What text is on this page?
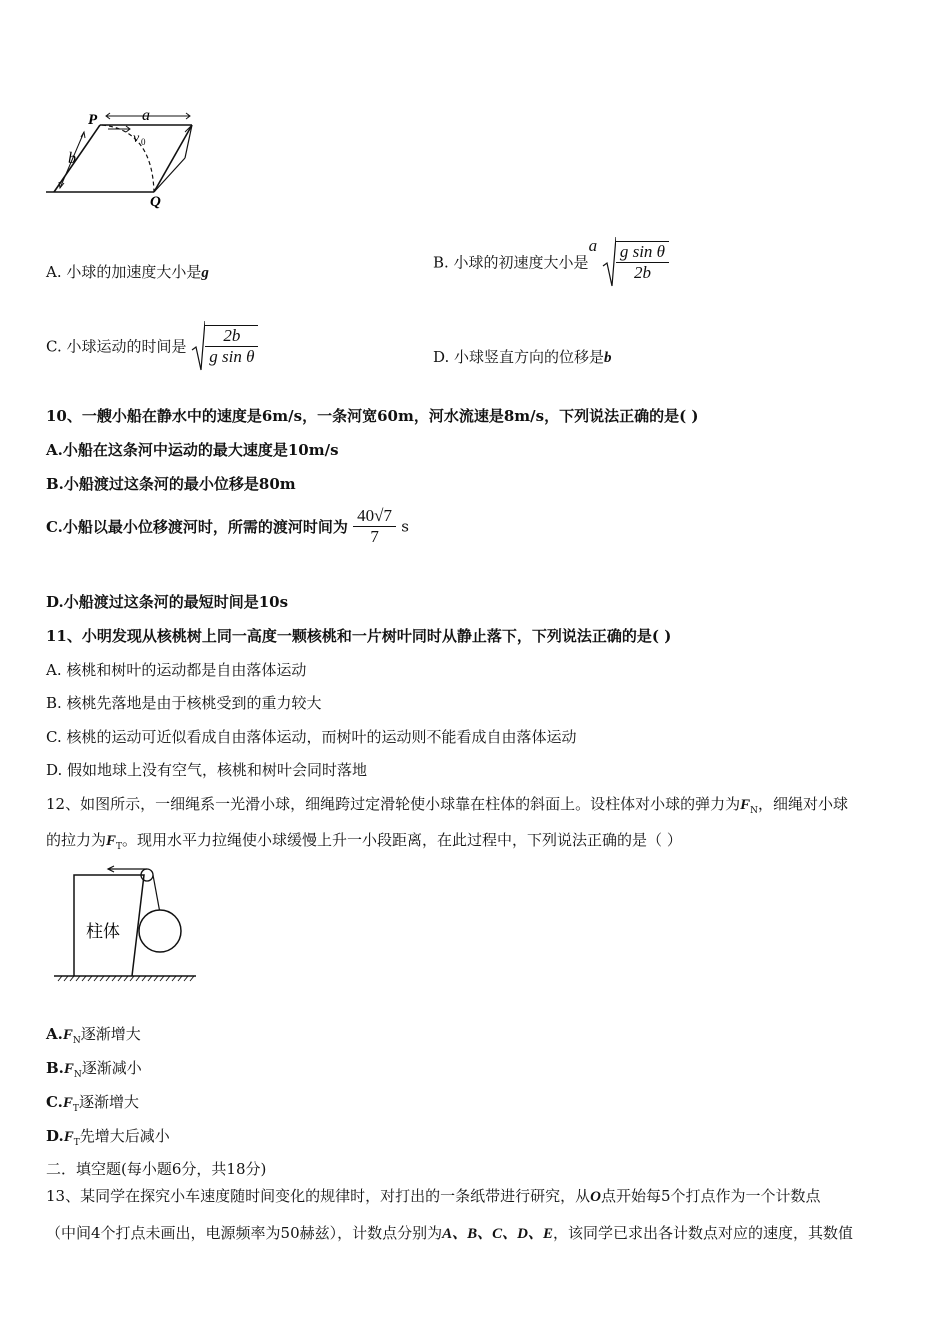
P	a
v 0
b
Q
A. 小球的加速度大小是g
B. 小球的初速度大小是a $\frac{\text{g sin θ}}{2b}$
C. 小球运动的时间是 $\frac{2b}{\text{g sin θ}}$	D. 小球竖直方向的位移是b
10、一艘小船在静水中的速度是6m/s，一条河宽60m，河水流速是8m/s，下列说法正确的是( )
A.小船在这条河中运动的最大速度是10m/s
B.小船渡过这条河的最小位移是80m
C.小船以最小位移渡河时，所需的渡河时间为 $\frac{40√7}{7}$ s
D.小船渡过这条河的最短时间是10s
11、小明发现从核桃树上同一高度一颗核桃和一片树叶同时从静止落下，下列说法正确的是( )
A. 核桃和树叶的运动都是自由落体运动
B. 核桃先落地是由于核桃受到的重力较大
C. 核桃的运动可近似看成自由落体运动，而树叶的运动则不能看成自由落体运动
D. 假如地球上没有空气，核桃和树叶会同时落地
12、如图所示，一细绳系一光滑小球，细绳跨过定滑轮使小球靠在柱体的斜面上。设柱体对小球的弹力为$F_N$，细绳对小球
的拉力为$F_T$。现用水平力拉绳使小球缓慢上升一小段距离，在此过程中，下列说法正确的是（ ）
柱体
$A.F_N$逐渐增大
$B.F_N$逐渐减小
$C.F_T$逐渐增大
$D.F_T$先增大后减小
二．填空题(每小题6分，共18分)
13、某同学在探究小车速度随时间变化的规律时，对打出的一条纸带进行研究，从O点开始每5个打点作为一个计数点
（中间4个打点未画出，电源频率为50赫兹），计数点分别为A、B、C、D、E，该同学已求出各计数点对应的速度，其数值
